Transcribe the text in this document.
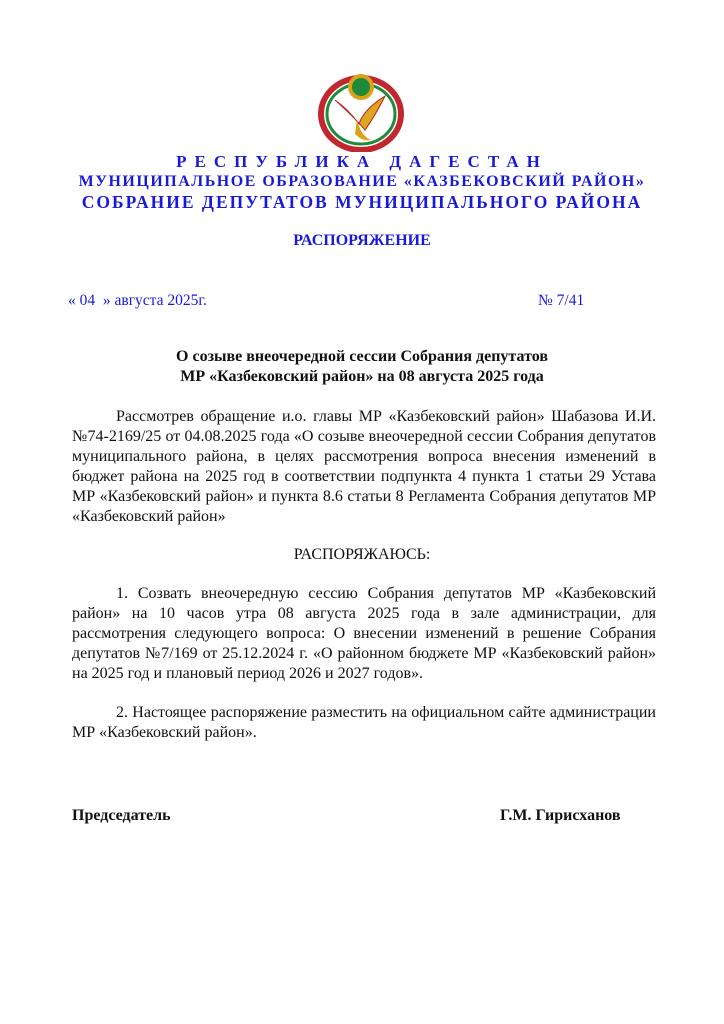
РЕСПУБЛИКА ДАГЕСТАН
МУНИЦИПАЛЬНОЕ ОБРАЗОВАНИЕ «КАЗБЕКОВСКИЙ РАЙОН»
СОБРАНИЕ ДЕПУТАТОВ МУНИЦИПАЛЬНОГО РАЙОНА
РАСПОРЯЖЕНИЕ
« 04  » августа 2025г.	№ 7/41
О созыве внеочередной сессии Собрания депутатов
МР «Казбековский район» на 08 августа 2025 года
Рассмотрев обращение и.о. главы МР «Казбековский район» Шабазова И.И. №74-2169/25 от 04.08.2025 года «О созыве внеочередной сессии Собрания депутатов муниципального района, в целях рассмотрения вопроса внесения изменений в бюджет района на 2025 год в соответствии подпункта 4 пункта 1 статьи 29 Устава МР «Казбековский район» и пункта 8.6 статьи 8 Регламента Собрания депутатов МР «Казбековский район»
РАСПОРЯЖАЮСЬ:
1. Созвать внеочередную сессию Собрания депутатов МР «Казбековский район» на 10 часов утра 08 августа 2025 года в зале администрации, для рассмотрения следующего вопроса: О внесении изменений в решение Собрания депутатов №7/169 от 25.12.2024 г. «О районном бюджете МР «Казбековский район» на 2025 год и плановый период 2026 и 2027 годов».
2. Настоящее распоряжение разместить на официальном сайте администрации МР «Казбековский район».
Председатель	Г.М. Гирисханов
